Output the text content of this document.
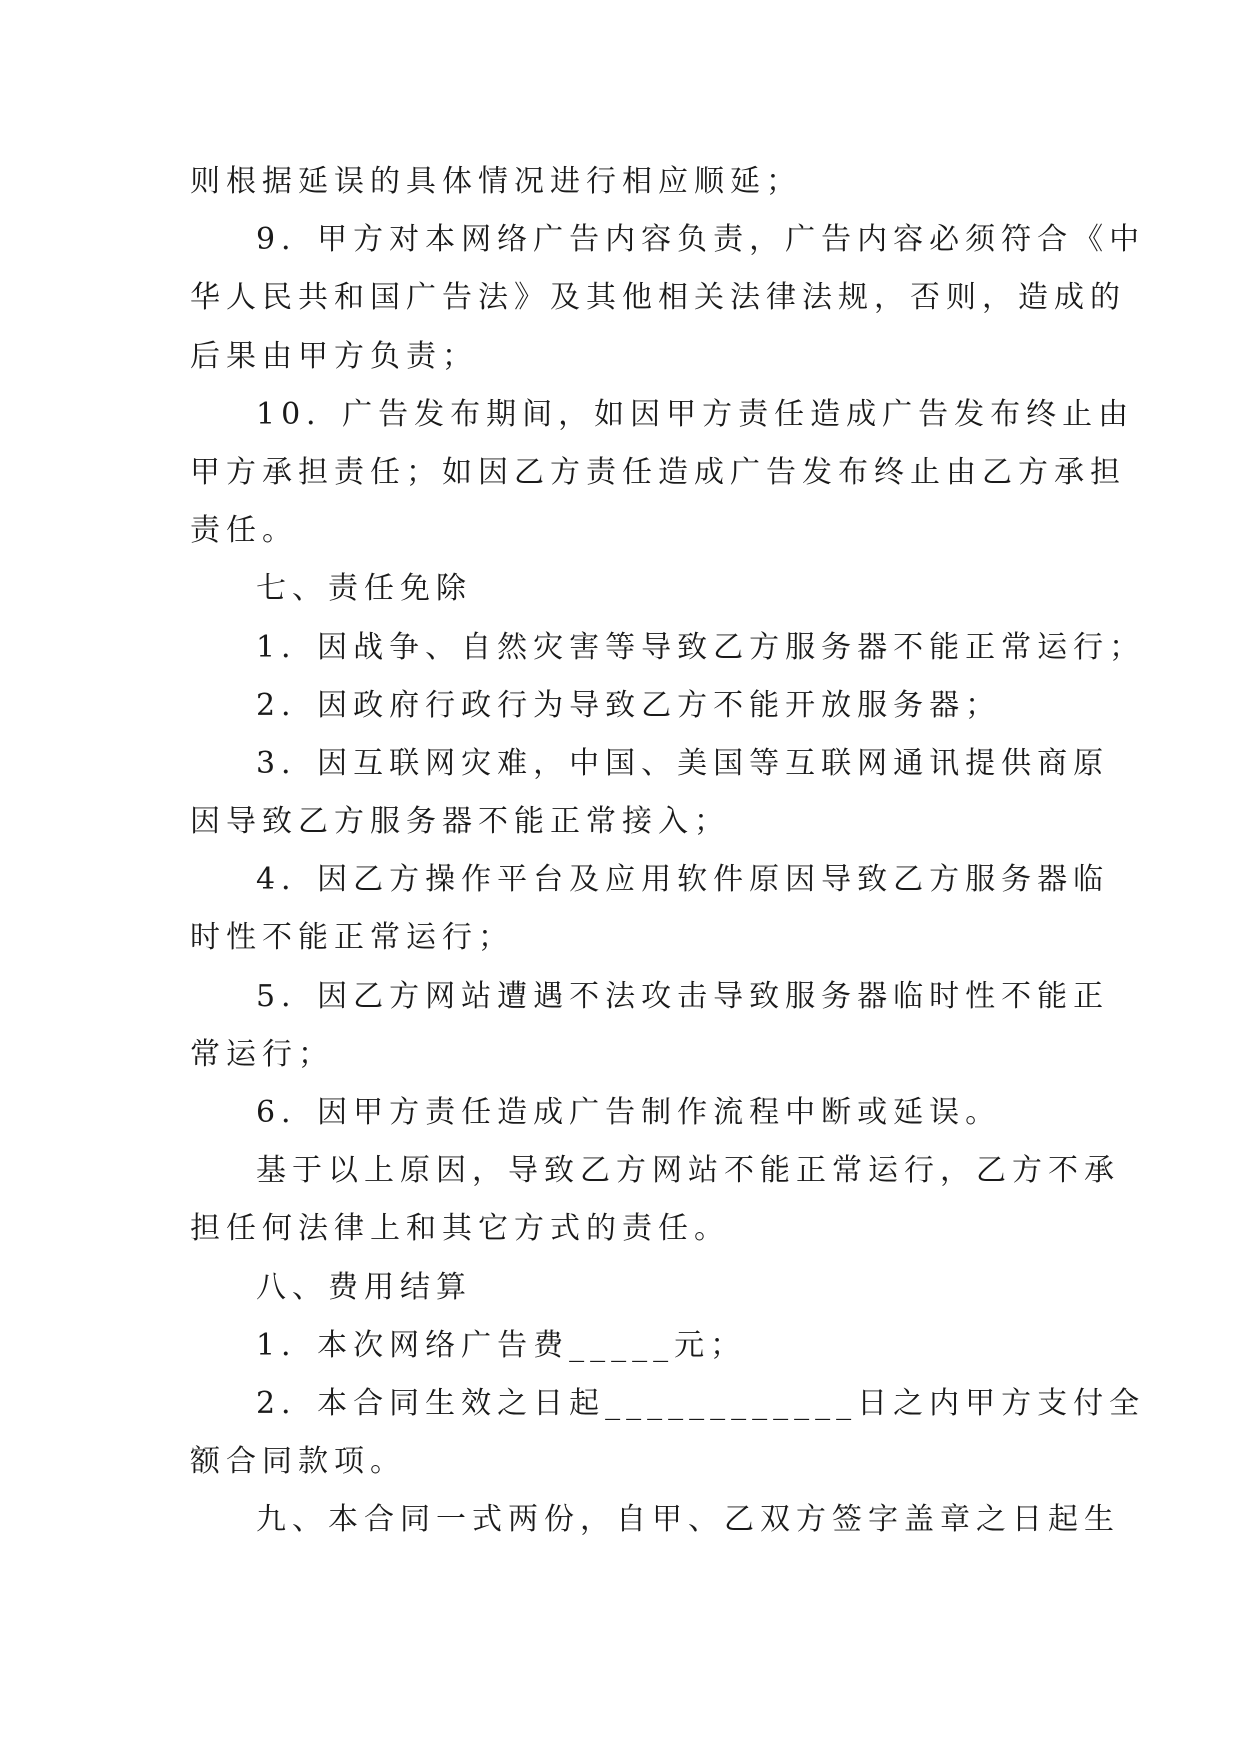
则根据延误的具体情况进行相应顺延；
9．甲方对本网络广告内容负责，广告内容必须符合《中
华人民共和国广告法》及其他相关法律法规，否则，造成的
后果由甲方负责；
10．广告发布期间，如因甲方责任造成广告发布终止由
甲方承担责任；如因乙方责任造成广告发布终止由乙方承担
责任。
七、责任免除
1．因战争、自然灾害等导致乙方服务器不能正常运行；
2．因政府行政行为导致乙方不能开放服务器；
3．因互联网灾难，中国、美国等互联网通讯提供商原
因导致乙方服务器不能正常接入；
4．因乙方操作平台及应用软件原因导致乙方服务器临
时性不能正常运行；
5．因乙方网站遭遇不法攻击导致服务器临时性不能正
常运行；
6．因甲方责任造成广告制作流程中断或延误。
基于以上原因，导致乙方网站不能正常运行，乙方不承
担任何法律上和其它方式的责任。
八、费用结算
1．本次网络广告费_____元；
2．本合同生效之日起____________日之内甲方支付全
额合同款项。
九、本合同一式两份，自甲、乙双方签字盖章之日起生
